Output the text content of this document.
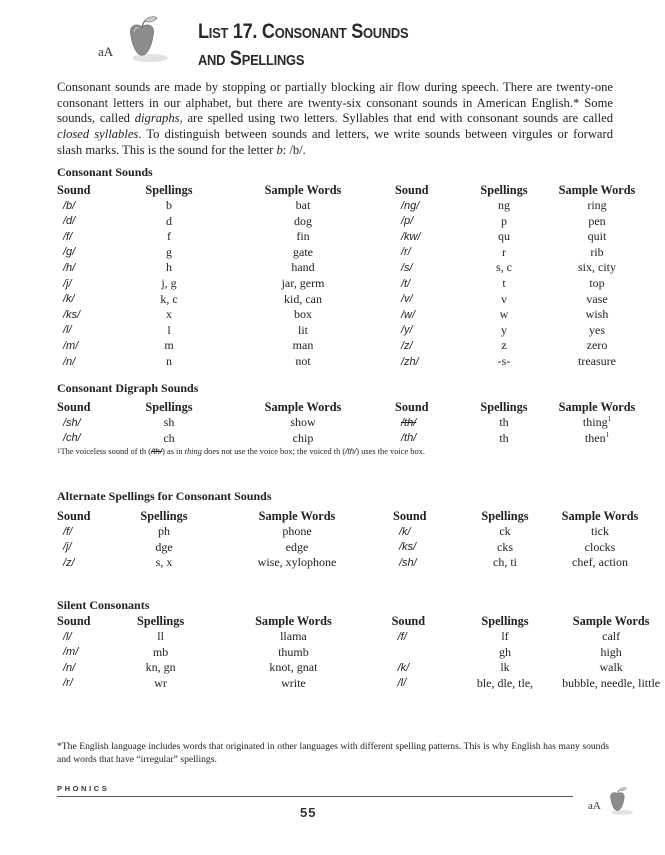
aA
List 17. Consonant Sounds
and Spellings
Consonant sounds are made by stopping or partially blocking air flow during speech. There are twenty-one consonant letters in our alphabet, but there are twenty-six consonant sounds in American English.* Some sounds, called digraphs, are spelled using two letters. Syllables that end with consonant sounds are called closed syllables. To distinguish between sounds and letters, we write sounds between virgules or forward slash marks. This is the sound for the letter b: /b/.
Consonant Sounds
Sound	Spellings	Sample Words	Sound	Spellings	Sample Words
/b/	b	bat	/ng/	ng	ring
/d/	d	dog	/p/	p	pen
/f/	f	fin	/kw/	qu	quit
/g/	g	gate	/r/	r	rib
/h/	h	hand	/s/	s, c	six, city
/j/	j, g	jar, germ	/t/	t	top
/k/	k, c	kid, can	/v/	v	vase
/ks/	x	box	/w/	w	wish
/l/	l	lit	/y/	y	yes
/m/	m	man	/z/	z	zero
/n/	n	not	/zh/	-s-	treasure
Consonant Digraph Sounds
Sound	Spellings	Sample Words	Sound	Spellings	Sample Words
/sh/	sh	show	/th/	th	thing$^1$
/ch/	ch	chip	/th/	th	then$^1$
$^1$The voiceless sound of th (/th/) as in thing does not use the voice box; the voiced th (/th/) uses the voice box.
Alternate Spellings for Consonant Sounds
Sound	Spellings	Sample Words	Sound	Spellings	Sample Words
/f/	ph	phone	/k/	ck	tick
/j/	dge	edge	/ks/	cks	clocks
/z/	s, x	wise, xylophone	/sh/	ch, ti	chef, action
Silent Consonants
Sound	Spellings	Sample Words	Sound	Spellings	Sample Words
/l/	ll	llama	/f/	lf	calf
/m/	mb	thumb		gh	high
/n/	kn, gn	knot, gnat	/k/	lk	walk
/r/	wr	write	/l/	ble, dle, tle,	bubble, needle, little
*The English language includes words that originated in other languages with different spelling patterns. This is why English has many sounds and words that have “irregular” spellings.
PHONICS
55	aA
